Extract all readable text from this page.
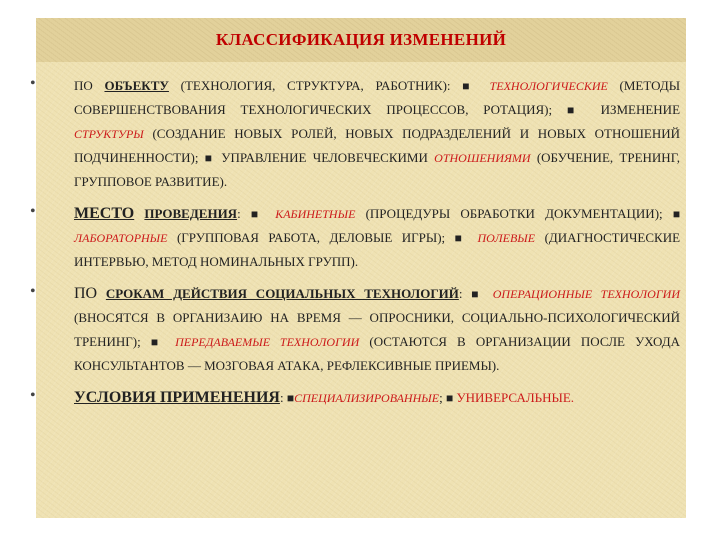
КЛАССИФИКАЦИЯ ИЗМЕНЕНИЙ
•	ПО ОБЪЕКТУ (ТЕХНОЛОГИЯ, СТРУКТУРА, РАБОТНИК): ■ ТЕХНОЛОГИЧЕСКИЕ (МЕТОДЫ СОВЕРШЕНСТВОВАНИЯ ТЕХНОЛОГИЧЕСКИХ ПРОЦЕССОВ, РОТАЦИЯ); ■ ИЗМЕНЕНИЕ СТРУКТУРЫ (СОЗДАНИЕ НОВЫХ РОЛЕЙ, НОВЫХ ПОДРАЗДЕЛЕНИЙ И НОВЫХ ОТНОШЕНИЙ ПОДЧИНЕННОСТИ); ■ УПРАВЛЕНИЕ ЧЕЛОВЕЧЕСКИМИ ОТНОШЕНИЯМИ (ОБУЧЕНИЕ, ТРЕНИНГ, ГРУППОВОЕ РАЗВИТИЕ).
•	МЕСТО ПРОВЕДЕНИЯ: ■ КАБИНЕТНЫЕ (ПРОЦЕДУРЫ ОБРАБОТКИ ДОКУМЕНТАЦИИ); ■ ЛАБОРАТОРНЫЕ (ГРУППОВАЯ РАБОТА, ДЕЛОВЫЕ ИГРЫ); ■ ПОЛЕВЫЕ (ДИАГНОСТИЧЕСКИЕ ИНТЕРВЬЮ, МЕТОД НОМИНАЛЬНЫХ ГРУПП).
•	ПО СРОКАМ ДЕЙСТВИЯ СОЦИАЛЬНЫХ ТЕХНОЛОГИЙ: ■ ОПЕРАЦИОННЫЕ ТЕХНОЛОГИИ (ВНОСЯТСЯ В ОРГАНИЗАИЮ НА ВРЕМЯ — ОПРОСНИКИ, СОЦИАЛЬНО-ПСИХОЛОГИЧЕСКИЙ ТРЕНИНГ); ■ ПЕРЕДАВАЕМЫЕ ТЕХНОЛОГИИ (ОСТАЮТСЯ В ОРГАНИЗАЦИИ ПОСЛЕ УХОДА КОНСУЛЬТАНТОВ — МОЗГОВАЯ АТАКА, РЕФЛЕКСИВНЫЕ ПРИЕМЫ).
•	УСЛОВИЯ ПРИМЕНЕНИЯ: ■СПЕЦИАЛИЗИРОВАННЫЕ; ■ УНИВЕРСАЛЬНЫЕ.
